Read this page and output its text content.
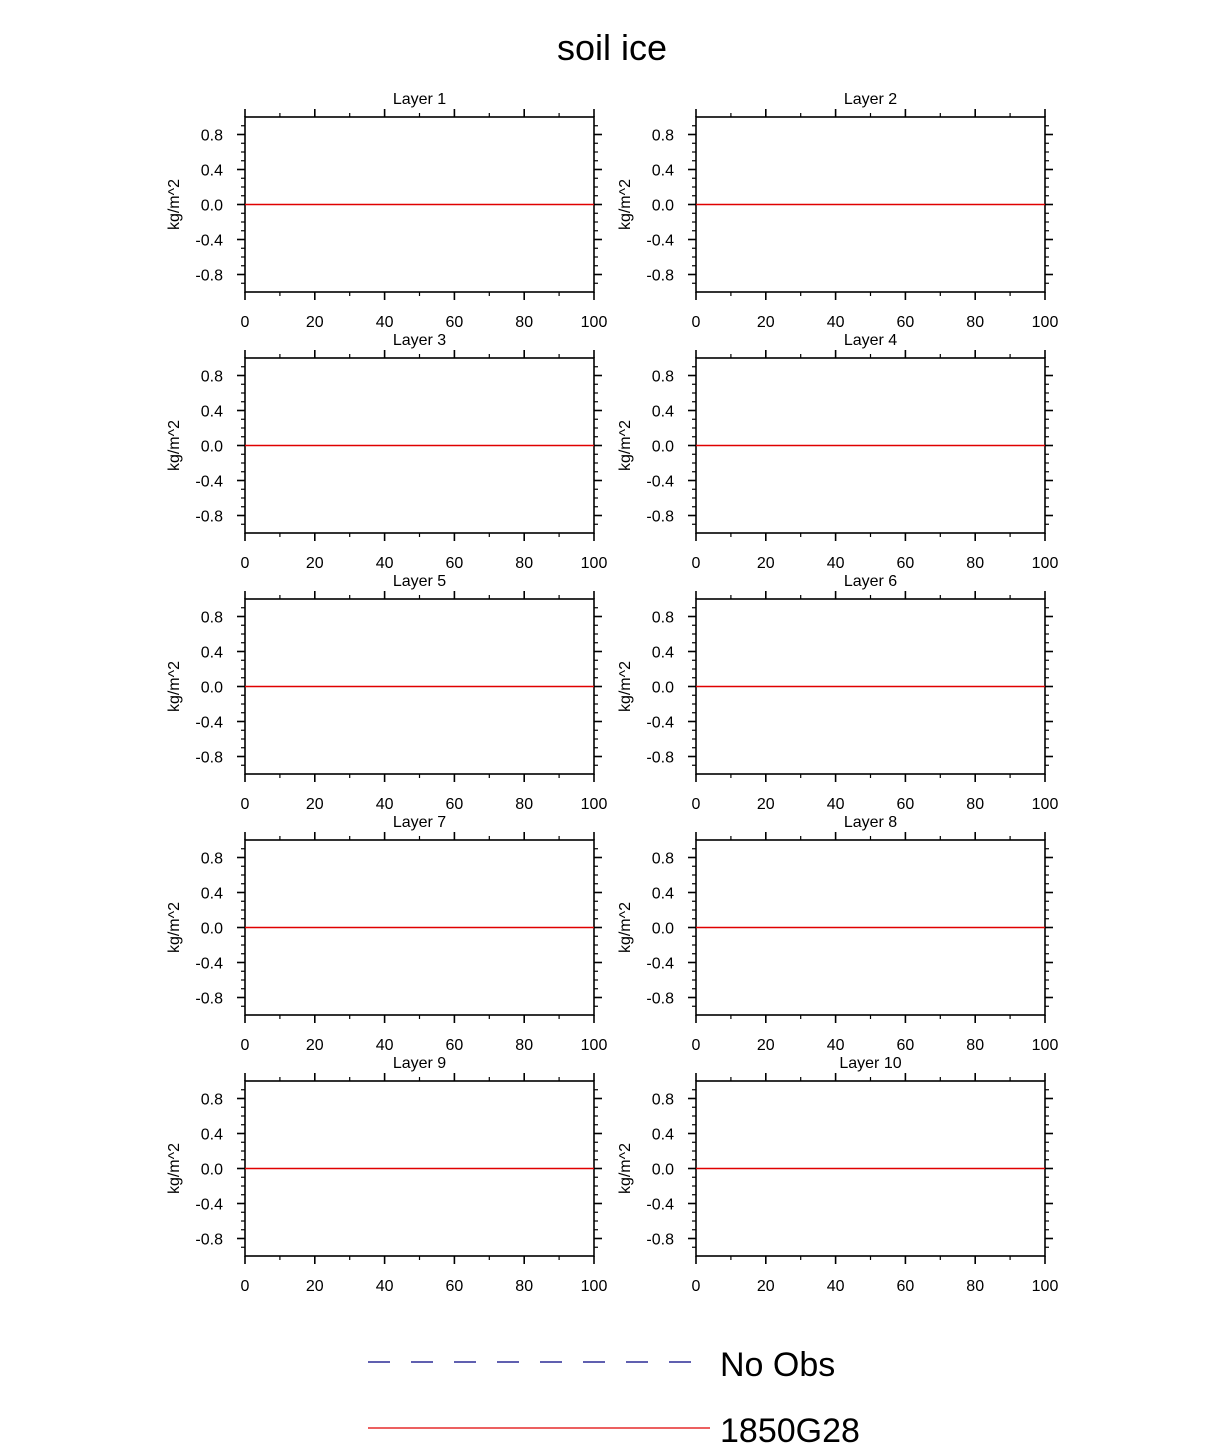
soil ice
Layer 1
kg/m^2
0	20	40	60	80	100
-0.8
-0.4
0.0
0.4
0.8
Layer 2
kg/m^2
0	20	40	60	80	100
-0.8
-0.4
0.0
0.4
0.8
Layer 3
kg/m^2
0	20	40	60	80	100
-0.8
-0.4
0.0
0.4
0.8
Layer 4
kg/m^2
0	20	40	60	80	100
-0.8
-0.4
0.0
0.4
0.8
Layer 5
kg/m^2
0	20	40	60	80	100
-0.8
-0.4
0.0
0.4
0.8
Layer 6
kg/m^2
0	20	40	60	80	100
-0.8
-0.4
0.0
0.4
0.8
Layer 7
kg/m^2
0	20	40	60	80	100
-0.8
-0.4
0.0
0.4
0.8
Layer 8
kg/m^2
0	20	40	60	80	100
-0.8
-0.4
0.0
0.4
0.8
Layer 9
kg/m^2
0	20	40	60	80	100
-0.8
-0.4
0.0
0.4
0.8
Layer 10
kg/m^2
0	20	40	60	80	100
-0.8
-0.4
0.0
0.4
0.8
No Obs
1850G28
